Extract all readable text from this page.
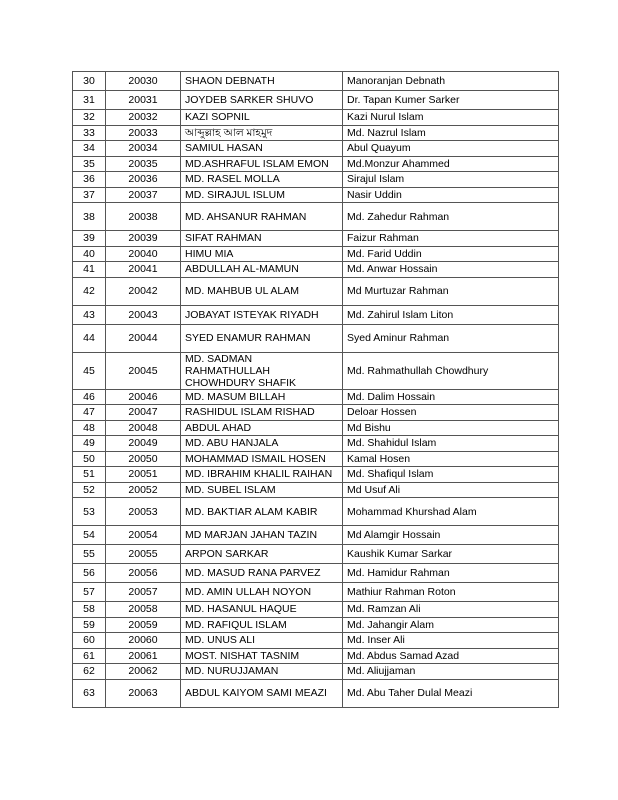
30	20030	SHAON DEBNATH	Manoranjan Debnath
31	20031	JOYDEB SARKER SHUVO	Dr. Tapan Kumer Sarker
32	20032	KAZI SOPNIL	Kazi Nurul Islam
33	20033	আব্দুল্লাহ আল মাহমুদ	Md. Nazrul Islam
34	20034	SAMIUL HASAN	Abul Quayum
35	20035	MD.ASHRAFUL ISLAM EMON	Md.Monzur Ahammed
36	20036	MD. RASEL MOLLA	Sirajul Islam
37	20037	MD. SIRAJUL ISLUM	Nasir Uddin
38	20038	MD. AHSANUR RAHMAN	Md. Zahedur Rahman
39	20039	SIFAT RAHMAN	Faizur Rahman
40	20040	HIMU MIA	Md. Farid Uddin
41	20041	ABDULLAH AL-MAMUN	Md. Anwar Hossain
42	20042	MD. MAHBUB UL ALAM	Md Murtuzar Rahman
43	20043	JOBAYAT ISTEYAK RIYADH	Md. Zahirul Islam Liton
44	20044	SYED ENAMUR RAHMAN	Syed Aminur Rahman
45	20045	MD. SADMAN RAHMATHULLAH CHOWHDURY SHAFIK	Md. Rahmathullah Chowdhury
46	20046	MD. MASUM BILLAH	Md. Dalim Hossain
47	20047	RASHIDUL ISLAM RISHAD	Deloar Hossen
48	20048	ABDUL AHAD	Md Bishu
49	20049	MD. ABU HANJALA	Md. Shahidul Islam
50	20050	MOHAMMAD ISMAIL HOSEN	Kamal Hosen
51	20051	MD. IBRAHIM KHALIL RAIHAN	Md. Shafiqul Islam
52	20052	MD. SUBEL ISLAM	Md Usuf Ali
53	20053	MD. BAKTIAR ALAM KABIR	Mohammad Khurshad Alam
54	20054	MD MARJAN JAHAN TAZIN	Md Alamgir Hossain
55	20055	ARPON SARKAR	Kaushik Kumar Sarkar
56	20056	MD. MASUD RANA PARVEZ	Md. Hamidur Rahman
57	20057	MD. AMIN ULLAH NOYON	Mathiur Rahman Roton
58	20058	MD. HASANUL HAQUE	Md. Ramzan Ali
59	20059	MD. RAFIQUL ISLAM	Md. Jahangir Alam
60	20060	MD. UNUS ALI	Md. Inser Ali
61	20061	MOST. NISHAT TASNIM	Md. Abdus Samad Azad
62	20062	MD. NURUJJAMAN	Md. Aliujjaman
63	20063	ABDUL KAIYOM SAMI MEAZI	Md. Abu Taher Dulal Meazi
